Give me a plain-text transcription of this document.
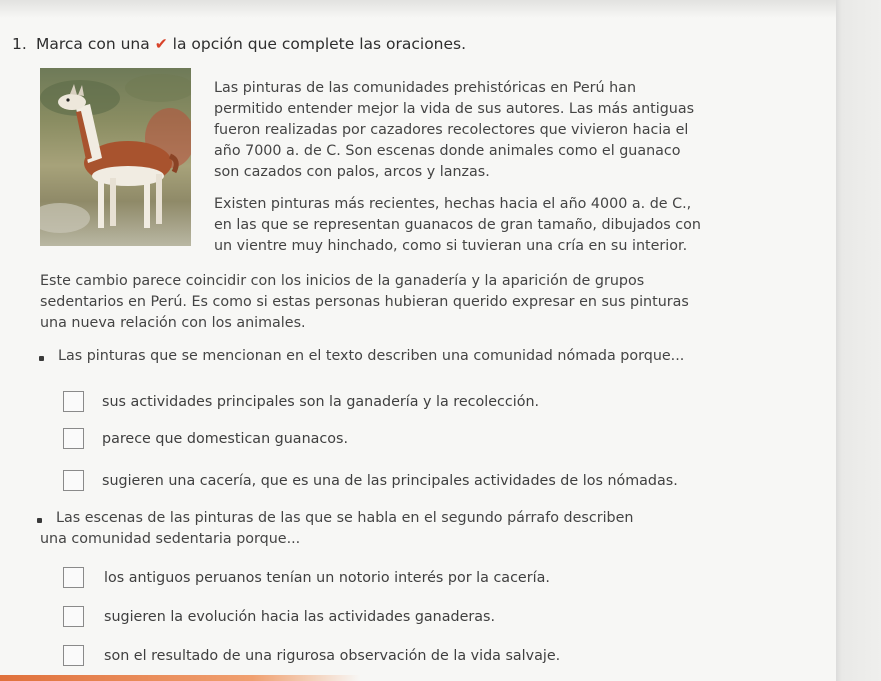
1. Marca con una ✔ la opción que complete las oraciones.
Las pinturas de las comunidades prehistóricas en Perú han
permitido entender mejor la vida de sus autores. Las más antiguas
fueron realizadas por cazadores recolectores que vivieron hacia el
año 7000 a. de C. Son escenas donde animales como el guanaco
son cazados con palos, arcos y lanzas.
Existen pinturas más recientes, hechas hacia el año 4000 a. de C.,
en las que se representan guanacos de gran tamaño, dibujados con
un vientre muy hinchado, como si tuvieran una cría en su interior.
Este cambio parece coincidir con los inicios de la ganadería y la aparición de grupos
sedentarios en Perú. Es como si estas personas hubieran querido expresar en sus pinturas
una nueva relación con los animales.
Las pinturas que se mencionan en el texto describen una comunidad nómada porque...
sus actividades principales son la ganadería y la recolección.
parece que domestican guanacos.
sugieren una cacería, que es una de las principales actividades de los nómadas.
Las escenas de las pinturas de las que se habla en el segundo párrafo describen
una comunidad sedentaria porque...
los antiguos peruanos tenían un notorio interés por la cacería.
sugieren la evolución hacia las actividades ganaderas.
son el resultado de una rigurosa observación de la vida salvaje.
